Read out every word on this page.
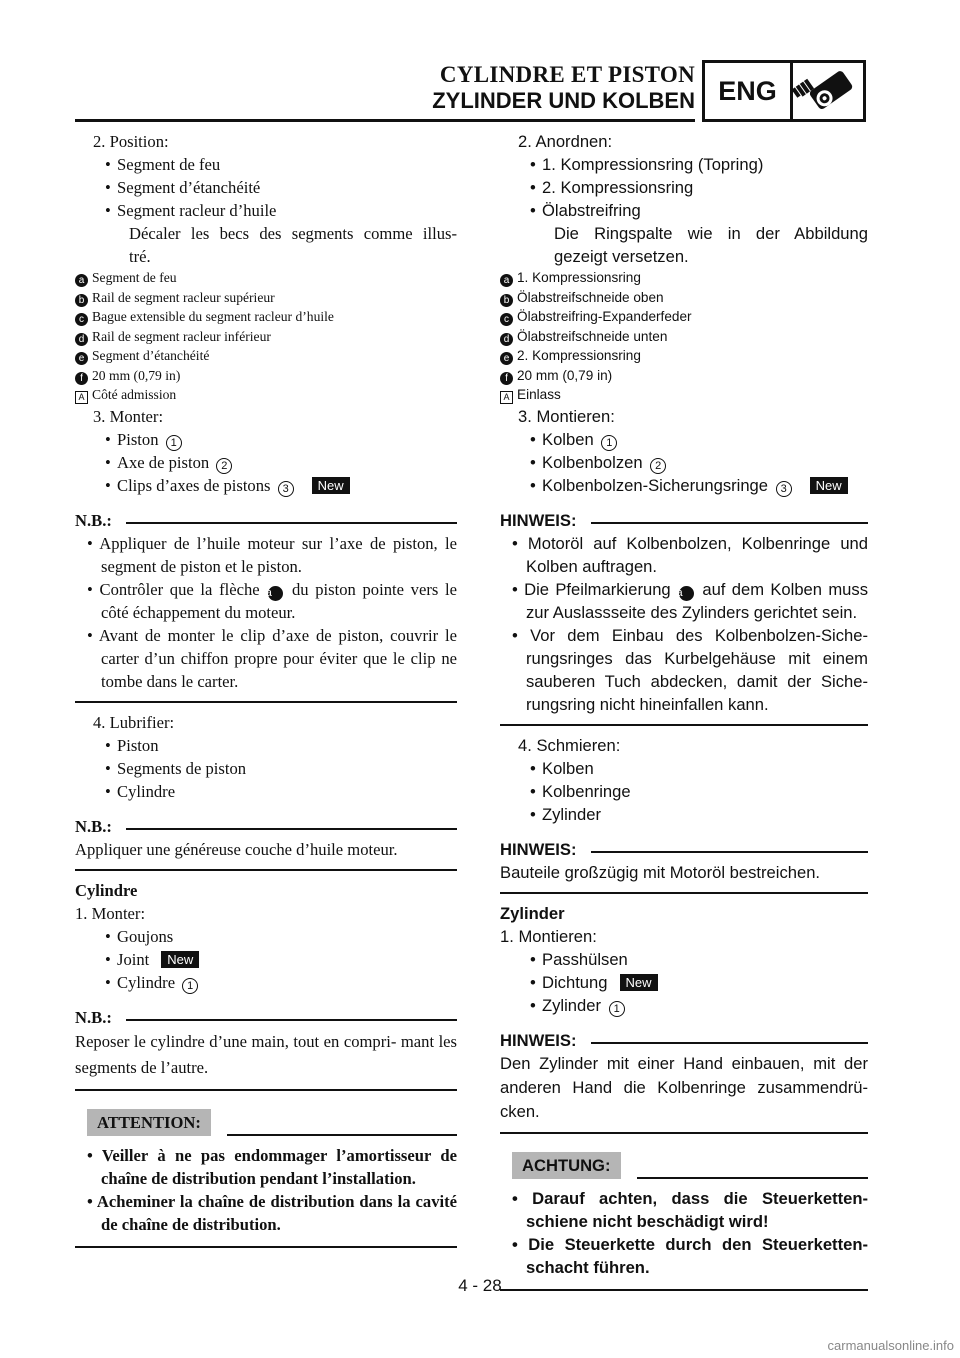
CYLINDRE ET PISTON
ZYLINDER UND KOLBEN ENG
2. Position:
• Segment de feu
• Segment d’étanchéité
• Segment racleur d’huile
Décaler les becs des segments comme illus-
tré.
a Segment de feu
b Rail de segment racleur supérieur
c Bague extensible du segment racleur d’huile
d Rail de segment racleur inférieur
e Segment d’étanchéité
f 20 mm (0,79 in)
A Côté admission
3. Monter:
• Piston 1
• Axe de piston 2
• Clips d’axes de pistons 3 New
N.B.:
• Appliquer de l’huile moteur sur l’axe de piston, le segment de piston et le piston.
• Contrôler que la flèche a du piston pointe vers le côté échappement du moteur.
• Avant de monter le clip d’axe de piston, couvrir le carter d’un chiffon propre pour éviter que le clip ne tombe dans le carter.
4. Lubrifier:
• Piston
• Segments de piston
• Cylindre
N.B.:
Appliquer une généreuse couche d’huile moteur.
Cylindre
1. Monter:
• Goujons
• Joint New
• Cylindre 1
N.B.:
Reposer le cylindre d’une main, tout en compri- mant les segments de l’autre.
ATTENTION:
• Veiller à ne pas endommager l’amortisseur de chaîne de distribution pendant l’installation.
• Acheminer la chaîne de distribution dans la cavité de chaîne de distribution.
2. Anordnen:
• 1. Kompressionsring (Topring)
• 2. Kompressionsring
• Ölabstreifring
Die Ringspalte wie in der Abbildung
gezeigt versetzen.
a 1. Kompressionsring
b Ölabstreifschneide oben
c Ölabstreifring-Expanderfeder
d Ölabstreifschneide unten
e 2. Kompressionsring
f 20 mm (0,79 in)
A Einlass
3. Montieren:
• Kolben 1
• Kolbenbolzen 2
• Kolbenbolzen-Sicherungsringe 3 New
HINWEIS:
• Motoröl auf Kolbenbolzen, Kolbenringe und Kolben auftragen.
• Die Pfeilmarkierung a auf dem Kolben muss zur Auslassseite des Zylinders gerichtet sein.
• Vor dem Einbau des Kolbenbolzen-Siche- rungsringes das Kurbelgehäuse mit einem sauberen Tuch abdecken, damit der Siche- rungsring nicht hineinfallen kann.
4. Schmieren:
• Kolben
• Kolbenringe
• Zylinder
HINWEIS:
Bauteile großzügig mit Motoröl bestreichen.
Zylinder
1. Montieren:
• Passhülsen
• Dichtung New
• Zylinder 1
HINWEIS:
Den Zylinder mit einer Hand einbauen, mit der anderen Hand die Kolbenringe zusammendrü- cken.
ACHTUNG:
• Darauf achten, dass die Steuerketten- schiene nicht beschädigt wird!
• Die Steuerkette durch den Steuerketten- schacht führen.
4 - 28
carmanualsonline.info
